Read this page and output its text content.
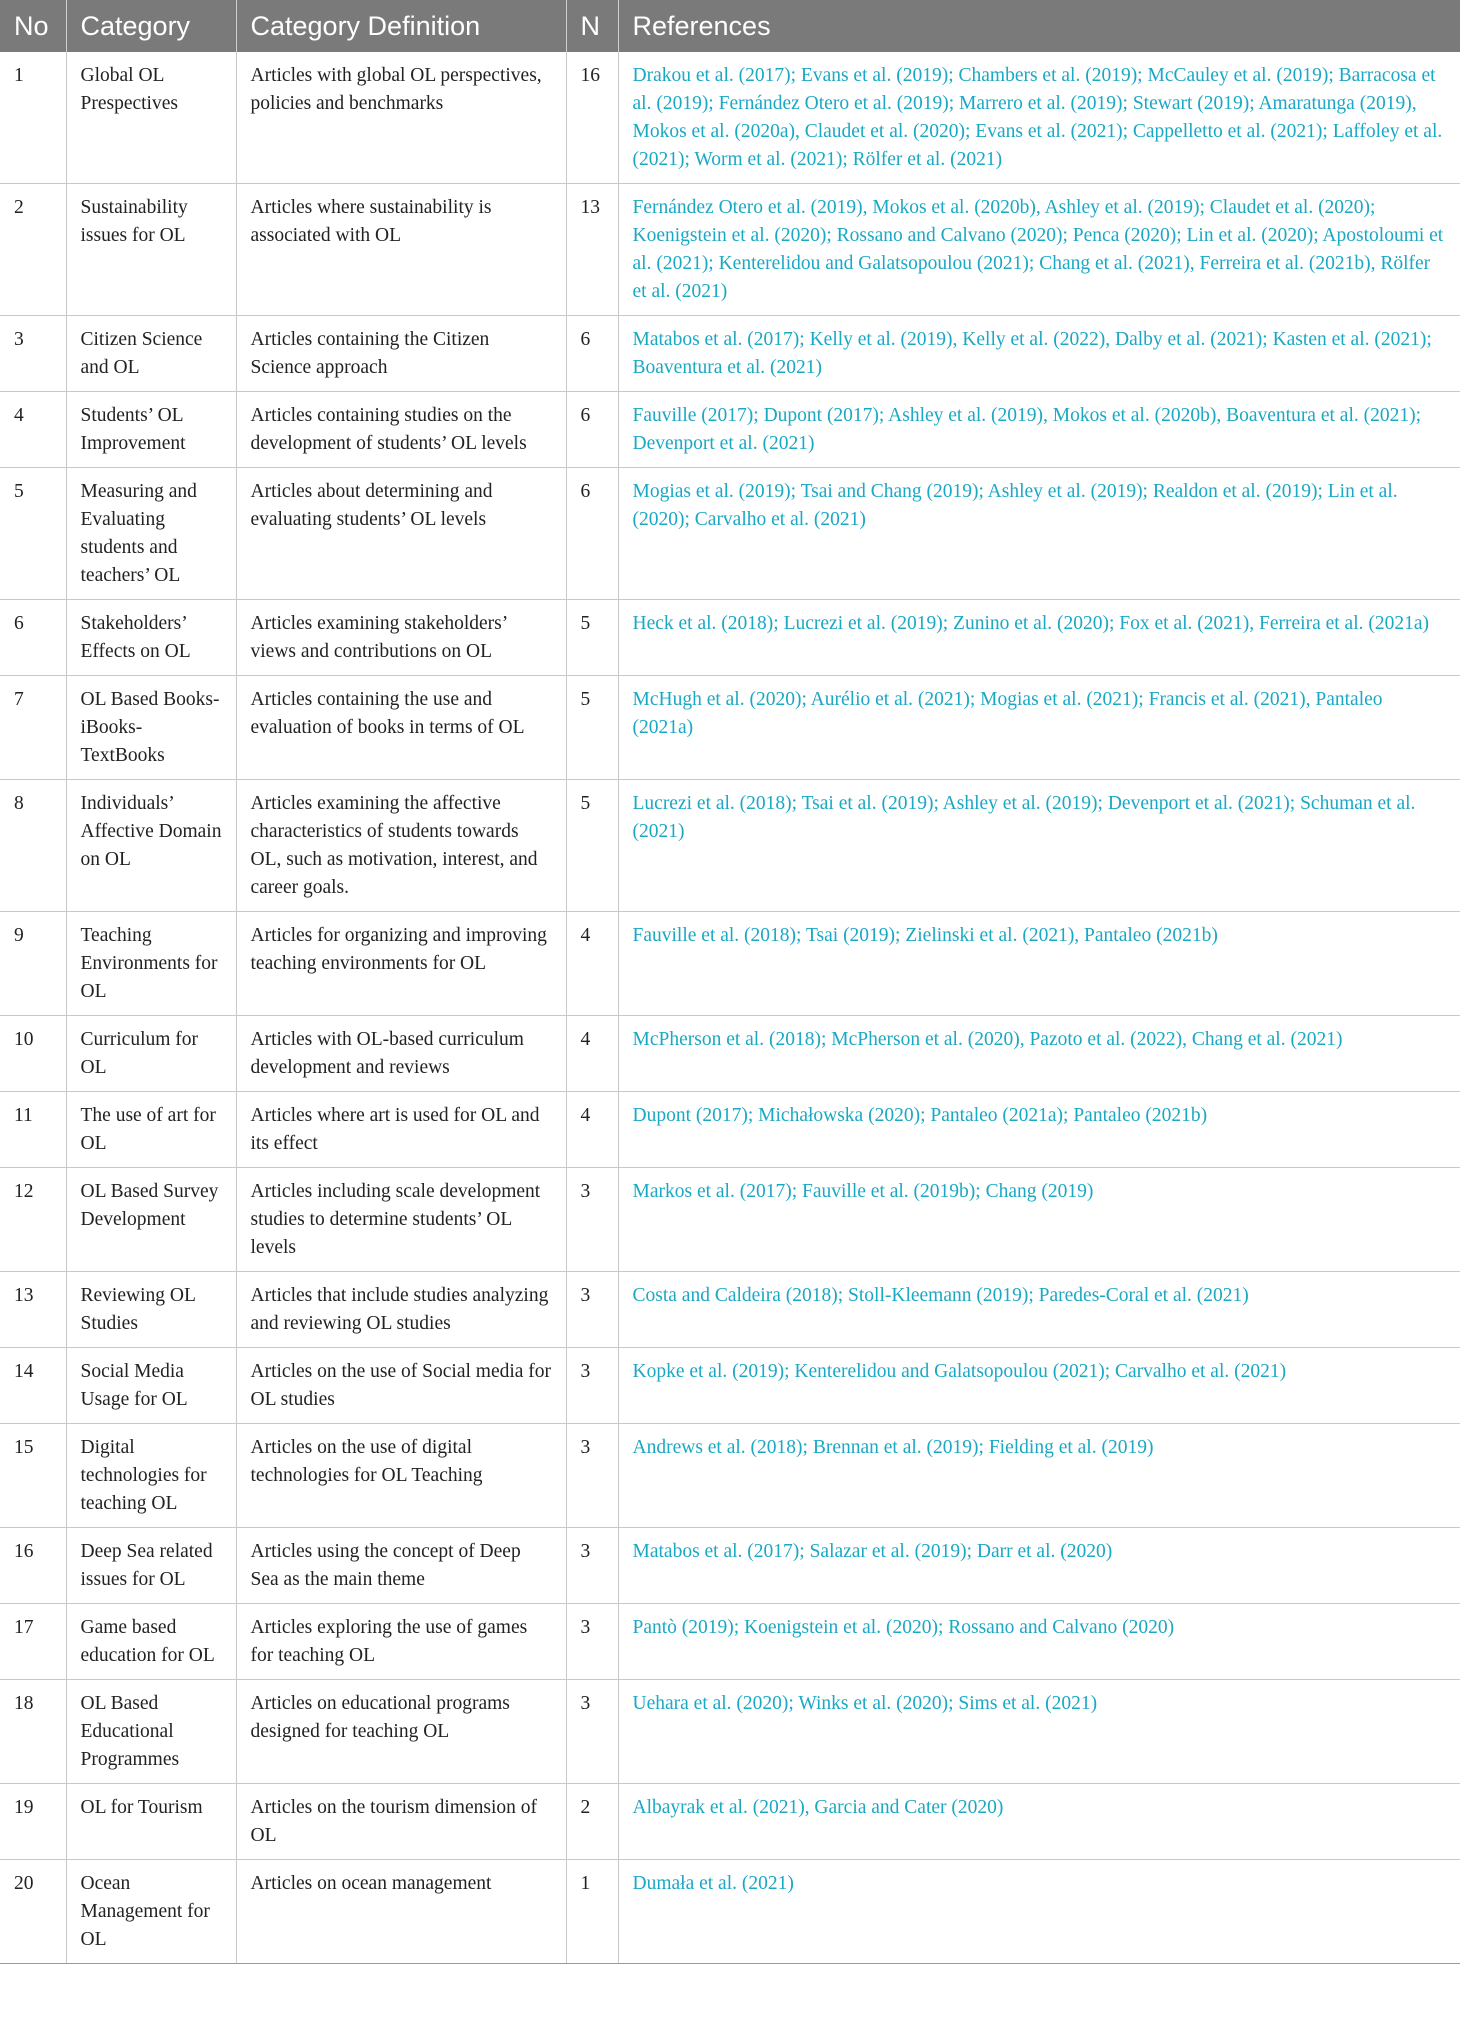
No	Category	Category Definition	N	References
1	Global OL Prespectives	Articles with global OL perspectives, policies and benchmarks	16	Drakou et al. (2017); Evans et al. (2019); Chambers et al. (2019); McCauley et al. (2019); Barracosa et al. (2019); Fernández Otero et al. (2019); Marrero et al. (2019); Stewart (2019); Amaratunga (2019), Mokos et al. (2020a), Claudet et al. (2020); Evans et al. (2021); Cappelletto et al. (2021); Laffoley et al. (2021); Worm et al. (2021); Rölfer et al. (2021)
2	Sustainability issues for OL	Articles where sustainability is associated with OL	13	Fernández Otero et al. (2019), Mokos et al. (2020b), Ashley et al. (2019); Claudet et al. (2020); Koenigstein et al. (2020); Rossano and Calvano (2020); Penca (2020); Lin et al. (2020); Apostoloumi et al. (2021); Kenterelidou and Galatsopoulou (2021); Chang et al. (2021), Ferreira et al. (2021b), Rölfer et al. (2021)
3	Citizen Science and OL	Articles containing the Citizen Science approach	6	Matabos et al. (2017); Kelly et al. (2019), Kelly et al. (2022), Dalby et al. (2021); Kasten et al. (2021); Boaventura et al. (2021)
4	Students’ OL Improvement	Articles containing studies on the development of students’ OL levels	6	Fauville (2017); Dupont (2017); Ashley et al. (2019), Mokos et al. (2020b), Boaventura et al. (2021); Devenport et al. (2021)
5	Measuring and Evaluating students and teachers’ OL	Articles about determining and evaluating students’ OL levels	6	Mogias et al. (2019); Tsai and Chang (2019); Ashley et al. (2019); Realdon et al. (2019); Lin et al. (2020); Carvalho et al. (2021)
6	Stakeholders’ Effects on OL	Articles examining stakeholders’ views and contributions on OL	5	Heck et al. (2018); Lucrezi et al. (2019); Zunino et al. (2020); Fox et al. (2021), Ferreira et al. (2021a)
7	OL Based Books-iBooks-TextBooks	Articles containing the use and evaluation of books in terms of OL	5	McHugh et al. (2020); Aurélio et al. (2021); Mogias et al. (2021); Francis et al. (2021), Pantaleo (2021a)
8	Individuals’ Affective Domain on OL	Articles examining the affective characteristics of students towards OL, such as motivation, interest, and career goals.	5	Lucrezi et al. (2018); Tsai et al. (2019); Ashley et al. (2019); Devenport et al. (2021); Schuman et al. (2021)
9	Teaching Environments for OL	Articles for organizing and improving teaching environments for OL	4	Fauville et al. (2018); Tsai (2019); Zielinski et al. (2021), Pantaleo (2021b)
10	Curriculum for OL	Articles with OL-based curriculum development and reviews	4	McPherson et al. (2018); McPherson et al. (2020), Pazoto et al. (2022), Chang et al. (2021)
11	The use of art for OL	Articles where art is used for OL and its effect	4	Dupont (2017); Michałowska (2020); Pantaleo (2021a); Pantaleo (2021b)
12	OL Based Survey Development	Articles including scale development studies to determine students’ OL levels	3	Markos et al. (2017); Fauville et al. (2019b); Chang (2019)
13	Reviewing OL Studies	Articles that include studies analyzing and reviewing OL studies	3	Costa and Caldeira (2018); Stoll-Kleemann (2019); Paredes-Coral et al. (2021)
14	Social Media Usage for OL	Articles on the use of Social media for OL studies	3	Kopke et al. (2019); Kenterelidou and Galatsopoulou (2021); Carvalho et al. (2021)
15	Digital technologies for teaching OL	Articles on the use of digital technologies for OL Teaching	3	Andrews et al. (2018); Brennan et al. (2019); Fielding et al. (2019)
16	Deep Sea related issues for OL	Articles using the concept of Deep Sea as the main theme	3	Matabos et al. (2017); Salazar et al. (2019); Darr et al. (2020)
17	Game based education for OL	Articles exploring the use of games for teaching OL	3	Pantò (2019); Koenigstein et al. (2020); Rossano and Calvano (2020)
18	OL Based Educational Programmes	Articles on educational programs designed for teaching OL	3	Uehara et al. (2020); Winks et al. (2020); Sims et al. (2021)
19	OL for Tourism	Articles on the tourism dimension of OL	2	Albayrak et al. (2021), Garcia and Cater (2020)
20	Ocean Management for OL	Articles on ocean management	1	Dumała et al. (2021)
